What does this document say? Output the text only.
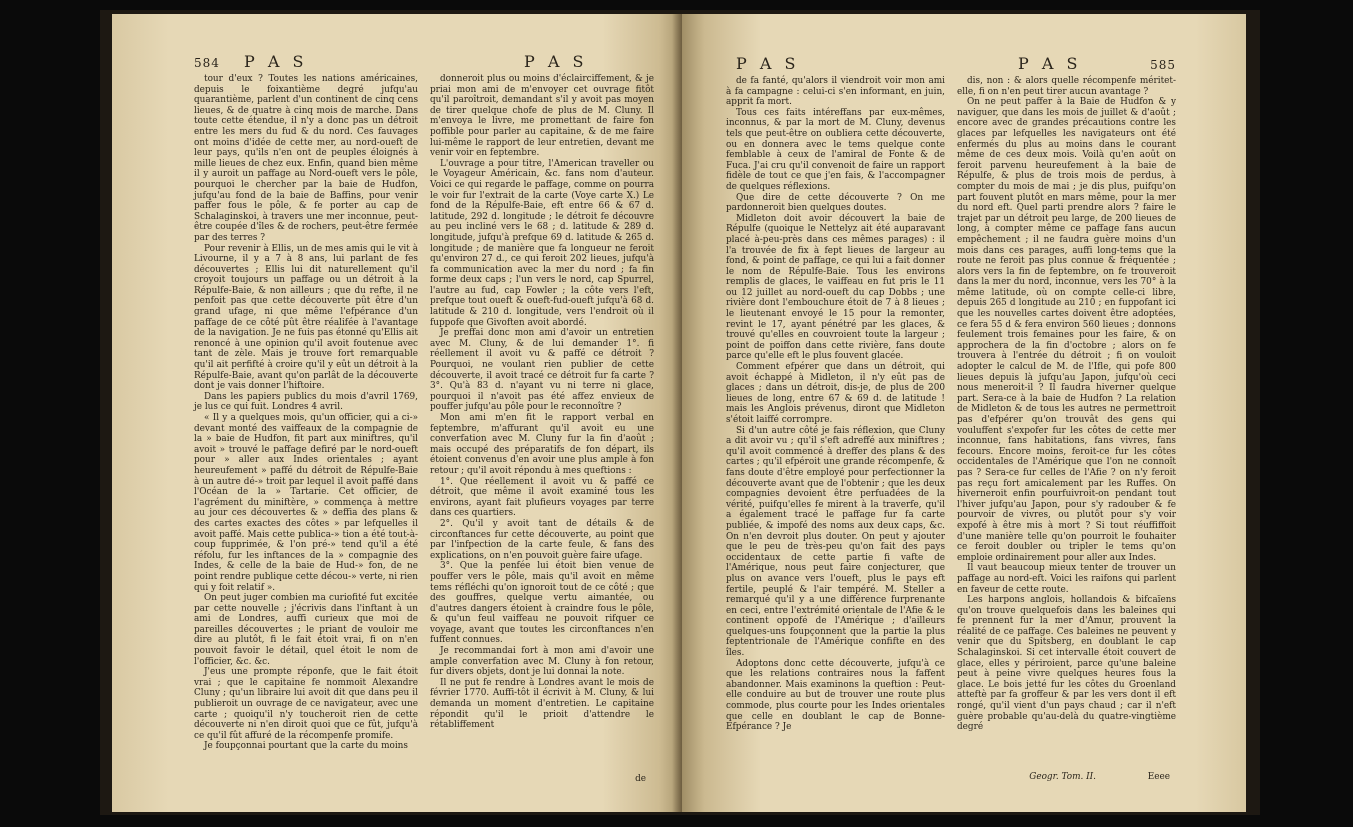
584 P A S	P A S

tour d'eux ? Toutes les nations américaines, depuis le foixantième degré jufqu'au quarantième, parlent d'un continent de cinq cens lieues, & de quatre à cinq mois de marche. Dans toute cette étendue, il n'y a donc pas un détroit entre les mers du fud & du nord. Ces fauvages ont moins d'idée de cette mer, au nord-oueft de leur pays, qu'ils n'en ont de peuples éloignés à mille lieues de chez eux. Enfin, quand bien même il y auroit un paffage au Nord-oueft vers le pôle, pourquoi le chercher par la baie de Hudfon, jufqu'au fond de la baie de Baffins, pour venir paffer fous le pôle, & fe porter au cap de Schalaginskoi, à travers une mer inconnue, peut-être coupée d'îles & de rochers, peut-être fermée par des terres ?

Pour revenir à Ellis, un de mes amis qui le vit à Livourne, il y a 7 à 8 ans, lui parlant de fes découvertes ; Ellis lui dit naturellement qu'il croyoit toujours un paffage ou un détroit à la Répulfe-Baie, & non ailleurs ; que du refte, il ne penfoit pas que cette découverte pût être d'un grand ufage, ni que même l'efpérance d'un paffage de ce côté pût être réalifée à l'avantage de la navigation. Je ne fuis pas étonné qu'Ellis ait renoncé à une opinion qu'il avoit foutenue avec tant de zèle. Mais je trouve fort remarquable qu'il ait perfifté à croire qu'il y eût un détroit à la Répulfe-Baie, avant qu'on parlât de la découverte dont je vais donner l'hiftoire.

Dans les papiers publics du mois d'avril 1769, je lus ce qui fuit. Londres 4 avril.

« Il y a quelques mois, qu'un officier, qui a ci-» devant monté des vaiffeaux de la compagnie de la » baie de Hudfon, fit part aux miniftres, qu'il avoit » trouvé le paffage defiré par le nord-oueft pour » aller aux Indes orientales ; ayant heureufement » paffé du détroit de Répulfe-Baie à un autre dé-» troit par lequel il avoit paffé dans l'Océan de la » Tartarie. Cet officier, de l'agrément du miniftère, » commença à mettre au jour ces découvertes & » deffia des plans & des cartes exactes des côtes » par lefquelles il avoit paffé. Mais cette publica-» tion a été tout-à-coup fupprimée, & l'on pré-» tend qu'il a été réfolu, fur les inftances de la » compagnie des Indes, & celle de la baie de Hud-» fon, de ne point rendre publique cette décou-» verte, ni rien qui y foit relatif ».

On peut juger combien ma curiofité fut excitée par cette nouvelle ; j'écrivis dans l'inftant à un ami de Londres, auffi curieux que moi de pareilles découvertes ; le priant de vouloir me dire au plutôt, fi le fait étoit vrai, fi on n'en pouvoit favoir le détail, quel étoit le nom de l'officier, &c. &c.

J'eus une prompte réponfe, que le fait étoit vrai ; que le capitaine fe nommoit Alexandre Cluny ; qu'un libraire lui avoit dit que dans peu il publieroit un ouvrage de ce navigateur, avec une carte ; quoiqu'il n'y toucheroit rien de cette découverte ni n'en diroit quoi que ce fût, jufqu'à ce qu'il fût affuré de la récompenfe promife.

Je foupçonnai pourtant que la carte du moins

donneroit plus ou moins d'éclairciffement, & je priai mon ami de m'envoyer cet ouvrage fitôt qu'il paroîtroit, demandant s'il y avoit pas moyen de tirer quelque chofe de plus de M. Cluny. Il m'envoya le livre, me promettant de faire fon poffible pour parler au capitaine, & de me faire lui-même le rapport de leur entretien, devant me venir voir en feptembre.

L'ouvrage a pour titre, l'American traveller ou le Voyageur Américain, &c. fans nom d'auteur. Voici ce qui regarde le paffage, comme on pourra le voir fur l'extrait de la carte (Voye carte X.) Le fond de la Répulfe-Baie, eft entre 66 & 67 d. latitude, 292 d. longitude ; le détroit fe découvre au peu incliné vers le 68 ; d. latitude & 289 d. longitude, jufqu'à prefque 69 d. latitude & 265 d. longitude ; de manière que fa longueur ne feroit qu'environ 27 d., ce qui feroit 202 lieues, jufqu'à fa communication avec la mer du nord ; fa fin forme deux caps ; l'un vers le nord, cap Spurrel, l'autre au fud, cap Fowler ; la côte vers l'eft, prefque tout oueft & oueft-fud-oueft jufqu'à 68 d. latitude & 210 d. longitude, vers l'endroit où il fuppofe que Givoften avoit abordé.

Je preffai donc mon ami d'avoir un entretien avec M. Cluny, & de lui demander 1°. fi réellement il avoit vu & paffé ce détroit ? Pourquoi, ne voulant rien publier de cette découverte, il avoit tracé ce détroit fur fa carte ? 3°. Qu'à 83 d. n'ayant vu ni terre ni glace, pourquoi il n'avoit pas été affez envieux de pouffer jufqu'au pôle pour le reconnoître ?

Mon ami m'en fit le rapport verbal en feptembre, m'affurant qu'il avoit eu une converfation avec M. Cluny fur la fin d'août ; mais occupé des préparatifs de fon départ, ils étoient convenus d'en avoir une plus ample à fon retour ; qu'il avoit répondu à mes queftions :

1°. Que réellement il avoit vu & paffé ce détroit, que même il avoit examiné tous les environs, ayant fait plufieurs voyages par terre dans ces quartiers.

2°. Qu'il y avoit tant de détails & de circonftances fur cette découverte, au point que par l'infpection de la carte feule, & fans des explications, on n'en pouvoit guère faire ufage.

3°. Que la penfée lui étoit bien venue de pouffer vers le pôle, mais qu'il avoit en même tems réfléchi qu'on ignoroit tout de ce côté ; que des gouffres, quelque vertu aimantée, ou d'autres dangers étoient à craindre fous le pôle, & qu'un feul vaiffeau ne pouvoit rifquer ce voyage, avant que toutes les circonftances n'en fuffent connues.

Je recommandai fort à mon ami d'avoir une ample converfation avec M. Cluny à fon retour, fur divers objets, dont je lui donnai la note.

Il ne put fe rendre à Londres avant le mois de février 1770. Auffi-tôt il écrivit à M. Cluny, & lui demanda un moment d'entretien. Le capitaine répondit qu'il le prioit d'attendre le rétabliffement

de
P A S	P A S	585

de fa fanté, qu'alors il viendroit voir mon ami à fa campagne : celui-ci s'en informant, en juin, apprit fa mort.

Tous ces faits intéreffans par eux-mêmes, inconnus, & par la mort de M. Cluny, devenus tels que peut-être on oubliera cette découverte, ou en donnera avec le tems quelque conte femblable à ceux de l'amiral de Fonte & de Fuca. J'ai cru qu'il convenoit de faire un rapport fidèle de tout ce que j'en fais, & l'accompagner de quelques réflexions.

Que dire de cette découverte ? On me pardonneroit bien quelques doutes.

Midleton doit avoir découvert la baie de Répulfe (quoique le Nettelyz ait été auparavant placé à-peu-près dans ces mêmes parages) : il l'a trouvée de fix à fept lieues de largeur au fond, & point de paffage, ce qui lui a fait donner le nom de Répulfe-Baie. Tous les environs remplis de glaces, le vaiffeau en fut pris le 11 ou 12 juillet au nord-oueft du cap Dobbs ; une rivière dont l'embouchure étoit de 7 à 8 lieues ; le lieutenant envoyé le 15 pour la remonter, revint le 17, ayant pénétré par les glaces, & trouvé qu'elles en couvroient toute la largeur ; point de poiffon dans cette rivière, fans doute parce qu'elle eft le plus fouvent glacée.

Comment efpérer que dans un détroit, qui avoit échappé à Midleton, il n'y eût pas de glaces ; dans un détroit, dis-je, de plus de 200 lieues de long, entre 67 & 69 d. de latitude ! mais les Anglois prévenus, diront que Midleton s'étoit laiffé corrompre.

Si d'un autre côté je fais réflexion, que Cluny a dit avoir vu ; qu'il s'eft adreffé aux miniftres ; qu'il avoit commencé à dreffer des plans & des cartes ; qu'il efpéroit une grande récompenfe, & fans doute d'être employé pour perfectionner la découverte avant que de l'obtenir ; que les deux compagnies devoient être perfuadées de la vérité, puifqu'elles fe mirent à la traverfe, qu'il a également tracé le paffage fur fa carte publiée, & impofé des noms aux deux caps, &c. On n'en devroit plus douter. On peut y ajouter que le peu de très-peu qu'on fait des pays occidentaux de cette partie fi vafte de l'Amérique, nous peut faire conjecturer, que plus on avance vers l'oueft, plus le pays eft fertile, peuplé & l'air tempéré. M. Steller a remarqué qu'il y a une différence furprenante en ceci, entre l'extrémité orientale de l'Afie & le continent oppofé de l'Amérique ; d'ailleurs quelques-uns foupçonnent que la partie la plus feptentrionale de l'Amérique confifte en des îles.

Adoptons donc cette découverte, jufqu'à ce que les relations contraires nous la faffent abandonner. Mais examinons la queftion : Peut-elle conduire au but de trouver une route plus commode, plus courte pour les Indes orientales que celle en doublant le cap de Bonne-Efpérance ? Je

dis, non : & alors quelle récompenfe méritet-elle, fi on n'en peut tirer aucun avantage ?

On ne peut paffer à la Baie de Hudfon & y naviguer, que dans les mois de juillet & d'août ; encore avec de grandes précautions contre les glaces par lefquelles les navigateurs ont été enfermés du plus au moins dans le courant même de ces deux mois. Voilà qu'en août on feroit parvenu heureufement à la baie de Répulfe, & plus de trois mois de perdus, à compter du mois de mai ; je dis plus, puifqu'on part fouvent plutôt en mars même, pour la mer du nord eft. Quel parti prendre alors ? faire le trajet par un détroit peu large, de 200 lieues de long, à compter même ce paffage fans aucun empêchement ; il ne faudra guère moins d'un mois dans ces parages, auffi long-tems que la route ne feroit pas plus connue & fréquentée ; alors vers la fin de feptembre, on fe trouveroit dans la mer du nord, inconnue, vers les 70° à la même latitude, où on compte celle-ci libre, depuis 265 d longitude au 210 ; en fuppofant ici que les nouvelles cartes doivent être adoptées, ce fera 55 d & fera environ 560 lieues ; donnons feulement trois femaines pour les faire, & on approchera de la fin d'octobre ; alors on fe trouvera à l'entrée du détroit ; fi on vouloit adopter le calcul de M. de l'Ifle, qui pofe 800 lieues depuis là jufqu'au Japon, jufqu'où ceci nous meneroit-il ? Il faudra hiverner quelque part. Sera-ce à la baie de Hudfon ? La relation de Midleton & de tous les autres ne permettroit pas d'efpérer qu'on trouvât des gens qui vouluffent s'expofer fur les côtes de cette mer inconnue, fans habitations, fans vivres, fans fecours. Encore moins, feroit-ce fur les côtes occidentales de l'Amérique que l'on ne connoît pas ? Sera-ce fur celles de l'Afie ? on n'y feroit pas reçu fort amicalement par les Ruffes. On hiverneroit enfin pourfuivroit-on pendant tout l'hiver jufqu'au Japon, pour s'y radouber & fe pourvoir de vivres, ou plutôt pour s'y voir expofé à être mis à mort ? Si tout réuffiffoit d'une manière telle qu'on pourroit le fouhaiter ce feroit doubler ou tripler le tems qu'on emploie ordinairement pour aller aux Indes.

Il vaut beaucoup mieux tenter de trouver un paffage au nord-eft. Voici les raifons qui parlent en faveur de cette route.

Les harpons anglois, hollandois & bifcaïens qu'on trouve quelquefois dans les baleines qui fe prennent fur la mer d'Amur, prouvent la réalité de ce paffage. Ces baleines ne peuvent y venir que du Spitsberg, en doublant le cap Schalaginskoi. Si cet intervalle étoit couvert de glace, elles y périroient, parce qu'une baleine peut à peine vivre quelques heures fous la glace. Le bois jetté fur les côtes du Groenland atteftè par fa groffeur & par les vers dont il eft rongé, qu'il vient d'un pays chaud ; car il n'eft guère probable qu'au-delà du quatre-vingtième degré

Geogr. Tom. II.	Eeee
